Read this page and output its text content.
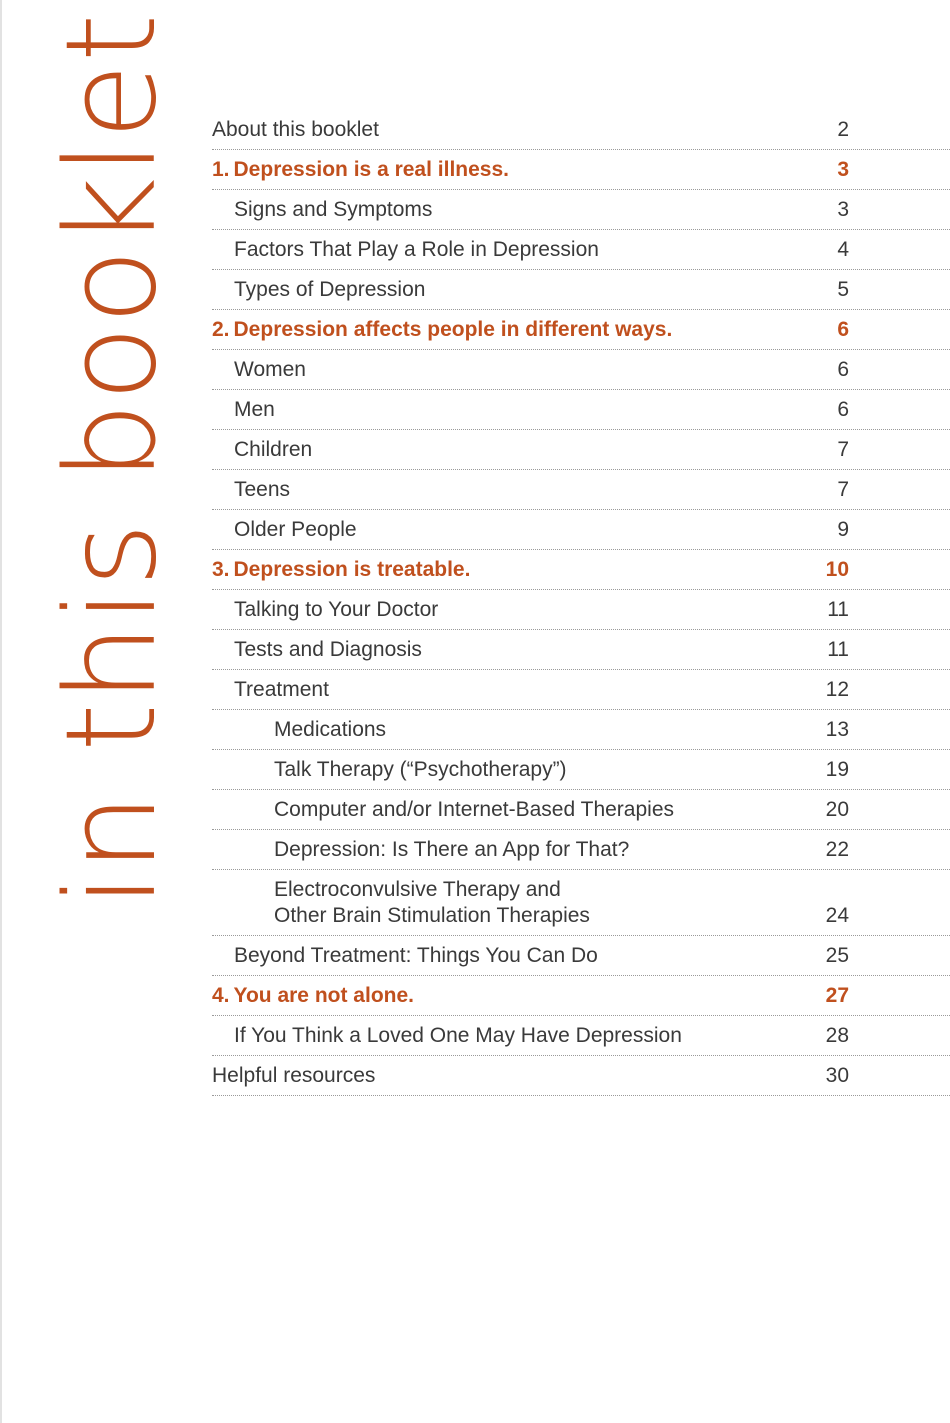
in this booklet About this booklet	2
1. Depression is a real illness.	3
Signs and Symptoms	3
Factors That Play a Role in Depression	4
Types of Depression	5
2. Depression affects people in different ways.	6
Women	6
Men	6
Children	7
Teens	7
Older People	9
3. Depression is treatable.	10
Talking to Your Doctor	11
Tests and Diagnosis	11
Treatment	12
Medications	13
Talk Therapy (“Psychotherapy”)	19
Computer and/or Internet-Based Therapies	20
Depression: Is There an App for That?	22
Electroconvulsive Therapy and
Other Brain Stimulation Therapies	24
Beyond Treatment: Things You Can Do	25
4. You are not alone.	27
If You Think a Loved One May Have Depression	28
Helpful resources	30
